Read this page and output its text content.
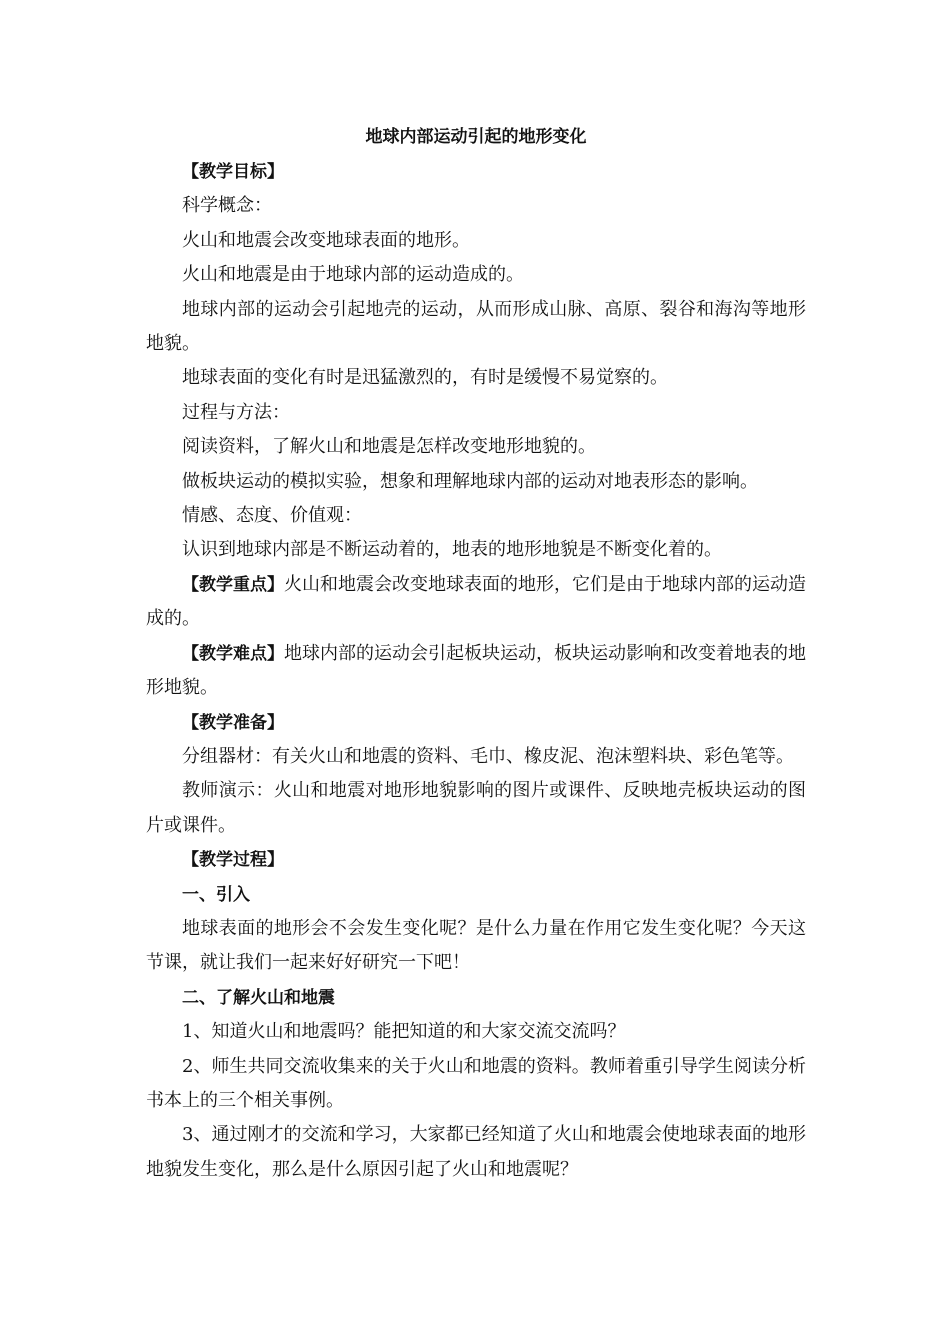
地球内部运动引起的地形变化
【教学目标】
科学概念：
火山和地震会改变地球表面的地形。
火山和地震是由于地球内部的运动造成的。
地球内部的运动会引起地壳的运动，从而形成山脉、高原、裂谷和海沟等地形地貌。
地球表面的变化有时是迅猛激烈的，有时是缓慢不易觉察的。
过程与方法：
阅读资料，了解火山和地震是怎样改变地形地貌的。
做板块运动的模拟实验，想象和理解地球内部的运动对地表形态的影响。
情感、态度、价值观：
认识到地球内部是不断运动着的，地表的地形地貌是不断变化着的。
【教学重点】火山和地震会改变地球表面的地形，它们是由于地球内部的运动造成的。
【教学难点】地球内部的运动会引起板块运动，板块运动影响和改变着地表的地形地貌。
【教学准备】
分组器材：有关火山和地震的资料、毛巾、橡皮泥、泡沫塑料块、彩色笔等。
教师演示：火山和地震对地形地貌影响的图片或课件、反映地壳板块运动的图片或课件。
【教学过程】
一、引入
地球表面的地形会不会发生变化呢？是什么力量在作用它发生变化呢？今天这节课，就让我们一起来好好研究一下吧！
二、了解火山和地震
1、知道火山和地震吗？能把知道的和大家交流交流吗？
2、师生共同交流收集来的关于火山和地震的资料。教师着重引导学生阅读分析书本上的三个相关事例。
3、通过刚才的交流和学习，大家都已经知道了火山和地震会使地球表面的地形地貌发生变化，那么是什么原因引起了火山和地震呢？
